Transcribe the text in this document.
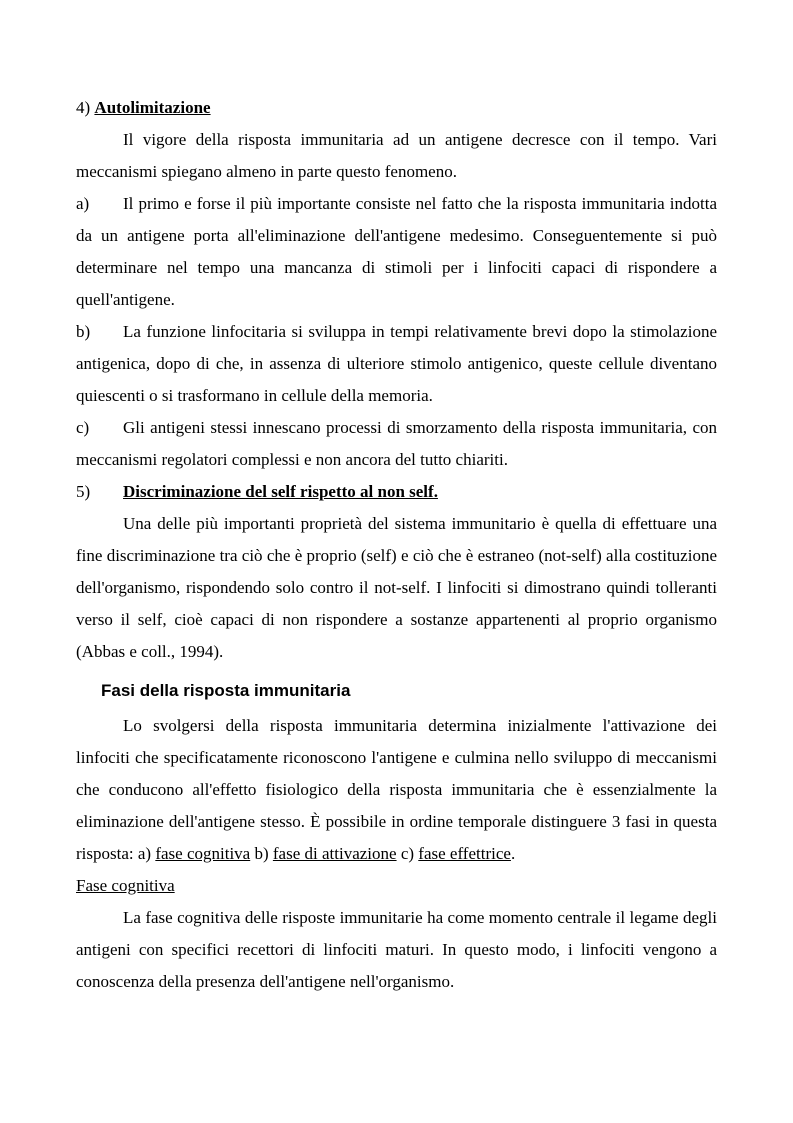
4) Autolimitazione

Il vigore della risposta immunitaria ad un antigene decresce con il tempo. Vari meccanismi spiegano almeno in parte questo fenomeno.

a) Il primo e forse il più importante consiste nel fatto che la risposta immunitaria indotta da un antigene porta all'eliminazione dell'antigene medesimo. Conseguentemente si può determinare nel tempo una mancanza di stimoli per i linfociti capaci di rispondere a quell'antigene.

b) La funzione linfocitaria si sviluppa in tempi relativamente brevi dopo la stimolazione antigenica, dopo di che, in assenza di ulteriore stimolo antigenico, queste cellule diventano quiescenti o si trasformano in cellule della memoria.

c) Gli antigeni stessi innescano processi di smorzamento della risposta immunitaria, con meccanismi regolatori complessi e non ancora del tutto chiariti.

5) Discriminazione del self rispetto al non self.

Una delle più importanti proprietà del sistema immunitario è quella di effettuare una fine discriminazione tra ciò che è proprio (self) e ciò che è estraneo (not-self) alla costituzione dell'organismo, rispondendo solo contro il not-self. I linfociti si dimostrano quindi tolleranti verso il self, cioè capaci di non rispondere a sostanze appartenenti al proprio organismo (Abbas e coll., 1994).

Fasi della risposta immunitaria

Lo svolgersi della risposta immunitaria determina inizialmente l'attivazione dei linfociti che specificatamente riconoscono l'antigene e culmina nello sviluppo di meccanismi che conducono all'effetto fisiologico della risposta immunitaria che è essenzialmente la eliminazione dell'antigene stesso. È possibile in ordine temporale distinguere 3 fasi in questa risposta: a) fase cognitiva b) fase di attivazione c) fase effettrice.

Fase cognitiva

La fase cognitiva delle risposte immunitarie ha come momento centrale il legame degli antigeni con specifici recettori di linfociti maturi. In questo modo, i linfociti vengono a conoscenza della presenza dell'antigene nell'organismo.
